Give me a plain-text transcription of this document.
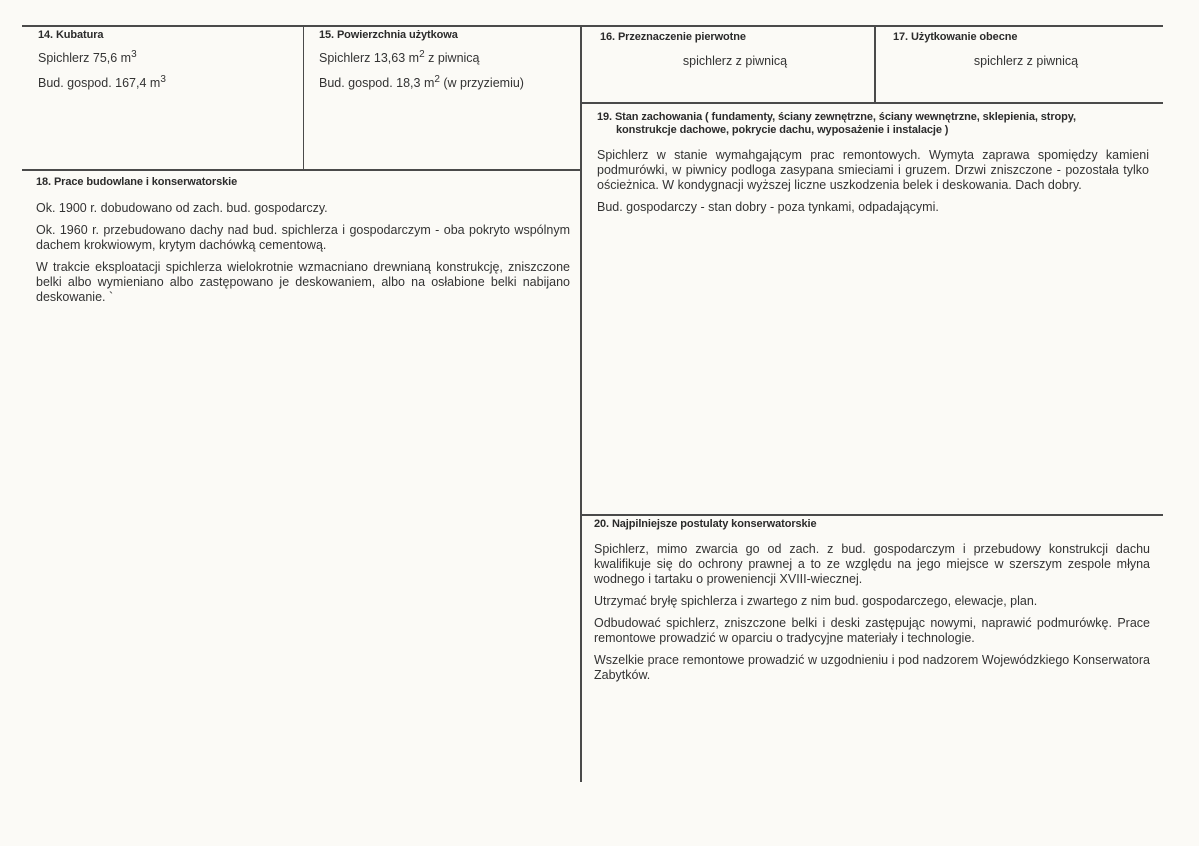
14. Kubatura
Spichlerz 75,6 $m^3$
Bud. gospod. 167,4 $m^3$
15. Powierzchnia użytkowa
Spichlerz 13,63 $m^2$ z piwnicą
Bud. gospod. 18,3 $m^2$ (w przyziemiu)
16. Przeznaczenie pierwotne
spichlerz z piwnicą
17. Użytkowanie obecne
spichlerz z piwnicą
18. Prace budowlane i konserwatorskie

Ok. 1900 r. dobudowano od zach. bud. gospodarczy.

Ok. 1960 r. przebudowano dachy nad bud. spichlerza i gospodarczym - oba pokryto wspólnym dachem krokwiowym, krytym dachówką cementową.

W trakcie eksploatacji spichlerza wielokrotnie wzmacniano drewnianą konstrukcję, zniszczone belki albo wymieniano albo zastępowano je deskowaniem, albo na osłabione belki nabijano deskowanie. `

19. Stan zachowania ( fundamenty, ściany zewnętrzne, ściany wewnętrzne, sklepienia, stropy,
konstrukcje dachowe, pokrycie dachu, wyposażenie i instalacje )

Spichlerz w stanie wymahgającym prac remontowych. Wymyta zaprawa spomiędzy kamieni podmurówki, w piwnicy podloga zasypana smieciami i gruzem. Drzwi zniszczone - pozostała tylko ościeżnica. W kondygnacji wyższej liczne uszkodzenia belek i deskowania. Dach dobry.

Bud. gospodarczy - stan dobry - poza tynkami, odpadającymi.

20. Najpilniejsze postulaty konserwatorskie

Spichlerz, mimo zwarcia go od zach. z bud. gospodarczym i przebudowy konstrukcji dachu kwalifikuje się do ochrony prawnej a to ze względu na jego miejsce w szerszym zespole młyna wodnego i tartaku o proweniencji XVIII-wiecznej.

Utrzymać bryłę spichlerza i zwartego z nim bud. gospodarczego, elewacje, plan.

Odbudować spichlerz, zniszczone belki i deski zastępując nowymi, naprawić podmurówkę. Prace remontowe prowadzić w oparciu o tradycyjne materiały i technologie.

Wszelkie prace remontowe prowadzić w uzgodnieniu i pod nadzorem Wojewódzkiego Konserwatora Zabytków.
